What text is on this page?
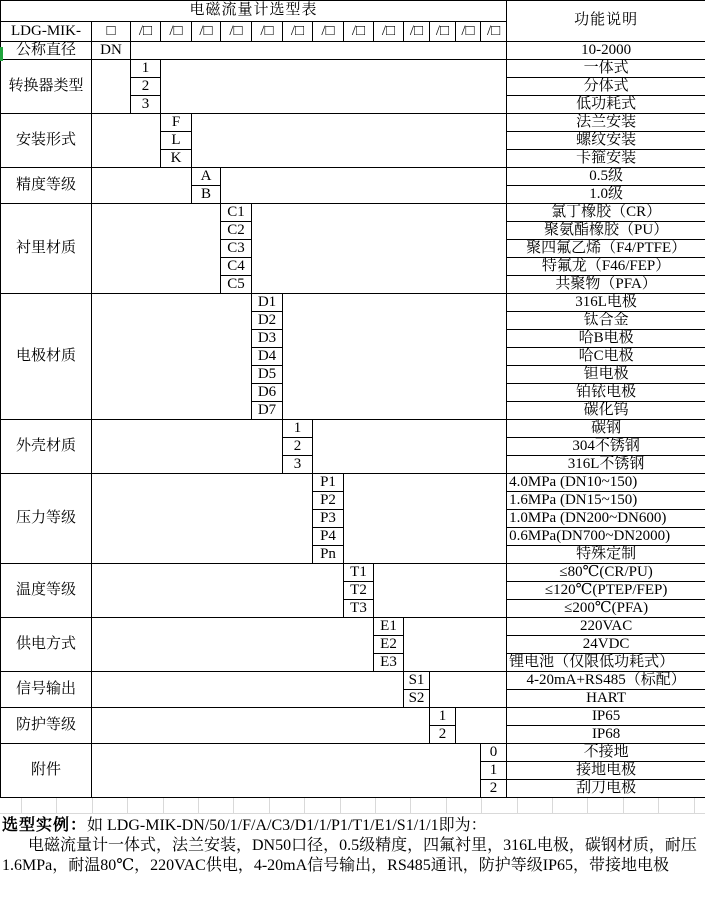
电磁流量计选型表															功能说明
LDG-MIK-	□	/□	/□	/□	/□	/□	/□	/□	/□	/□	/□	/□	/□	/□	
公称直径	DN														10-2000
转换器类型		1													一体式
		2													分体式
		3													低功耗式
安装形式			F												法兰安装
			L												螺纹安装
			K												卡箍安装
精度等级				A											0.5级
				B											1.0级
衬里材质					C1										氯丁橡胶（CR）
					C2										聚氨酯橡胶（PU）
					C3										聚四氟乙烯（F4/PTFE）
					C4										特氟龙（F46/FEP）
					C5										共聚物（PFA）
电极材质						D1									316L电极
						D2									钛合金
						D3									哈B电极
						D4									哈C电极
						D5									钽电极
						D6									铂铱电极
						D7									碳化钨
外壳材质							1								碳钢
							2								304不锈钢
							3								316L不锈钢
压力等级								P1							4.0MPa (DN10~150)
								P2							1.6MPa (DN15~150)
								P3							1.0MPa (DN200~DN600)
								P4							0.6MPa(DN700~DN2000)
								Pn							特殊定制
温度等级									T1						≤80℃(CR/PU)
									T2						≤120℃(PTEP/FEP)
									T3						≤200℃(PFA)
供电方式										E1					220VAC
										E2					24VDC
										E3					锂电池（仅限低功耗式）
信号输出											S1				4-20mA+RS485（标配）
											S2				HART
防护等级												1			IP65
												2			IP68
附件														0	不接地
														1	接地电极
														2	刮刀电极

选型实例：如 LDG-MIK-DN/50/1/F/A/C3/D1/1/P1/T1/E1/S1/1/1即为：

电磁流量计一体式，法兰安装，DN50口径，0.5级精度，四氟衬里，316L电极，碳钢材质，耐压

1.6MPa，耐温80℃，220VAC供电，4-20mA信号输出，RS485通讯，防护等级IP65，带接地电极
